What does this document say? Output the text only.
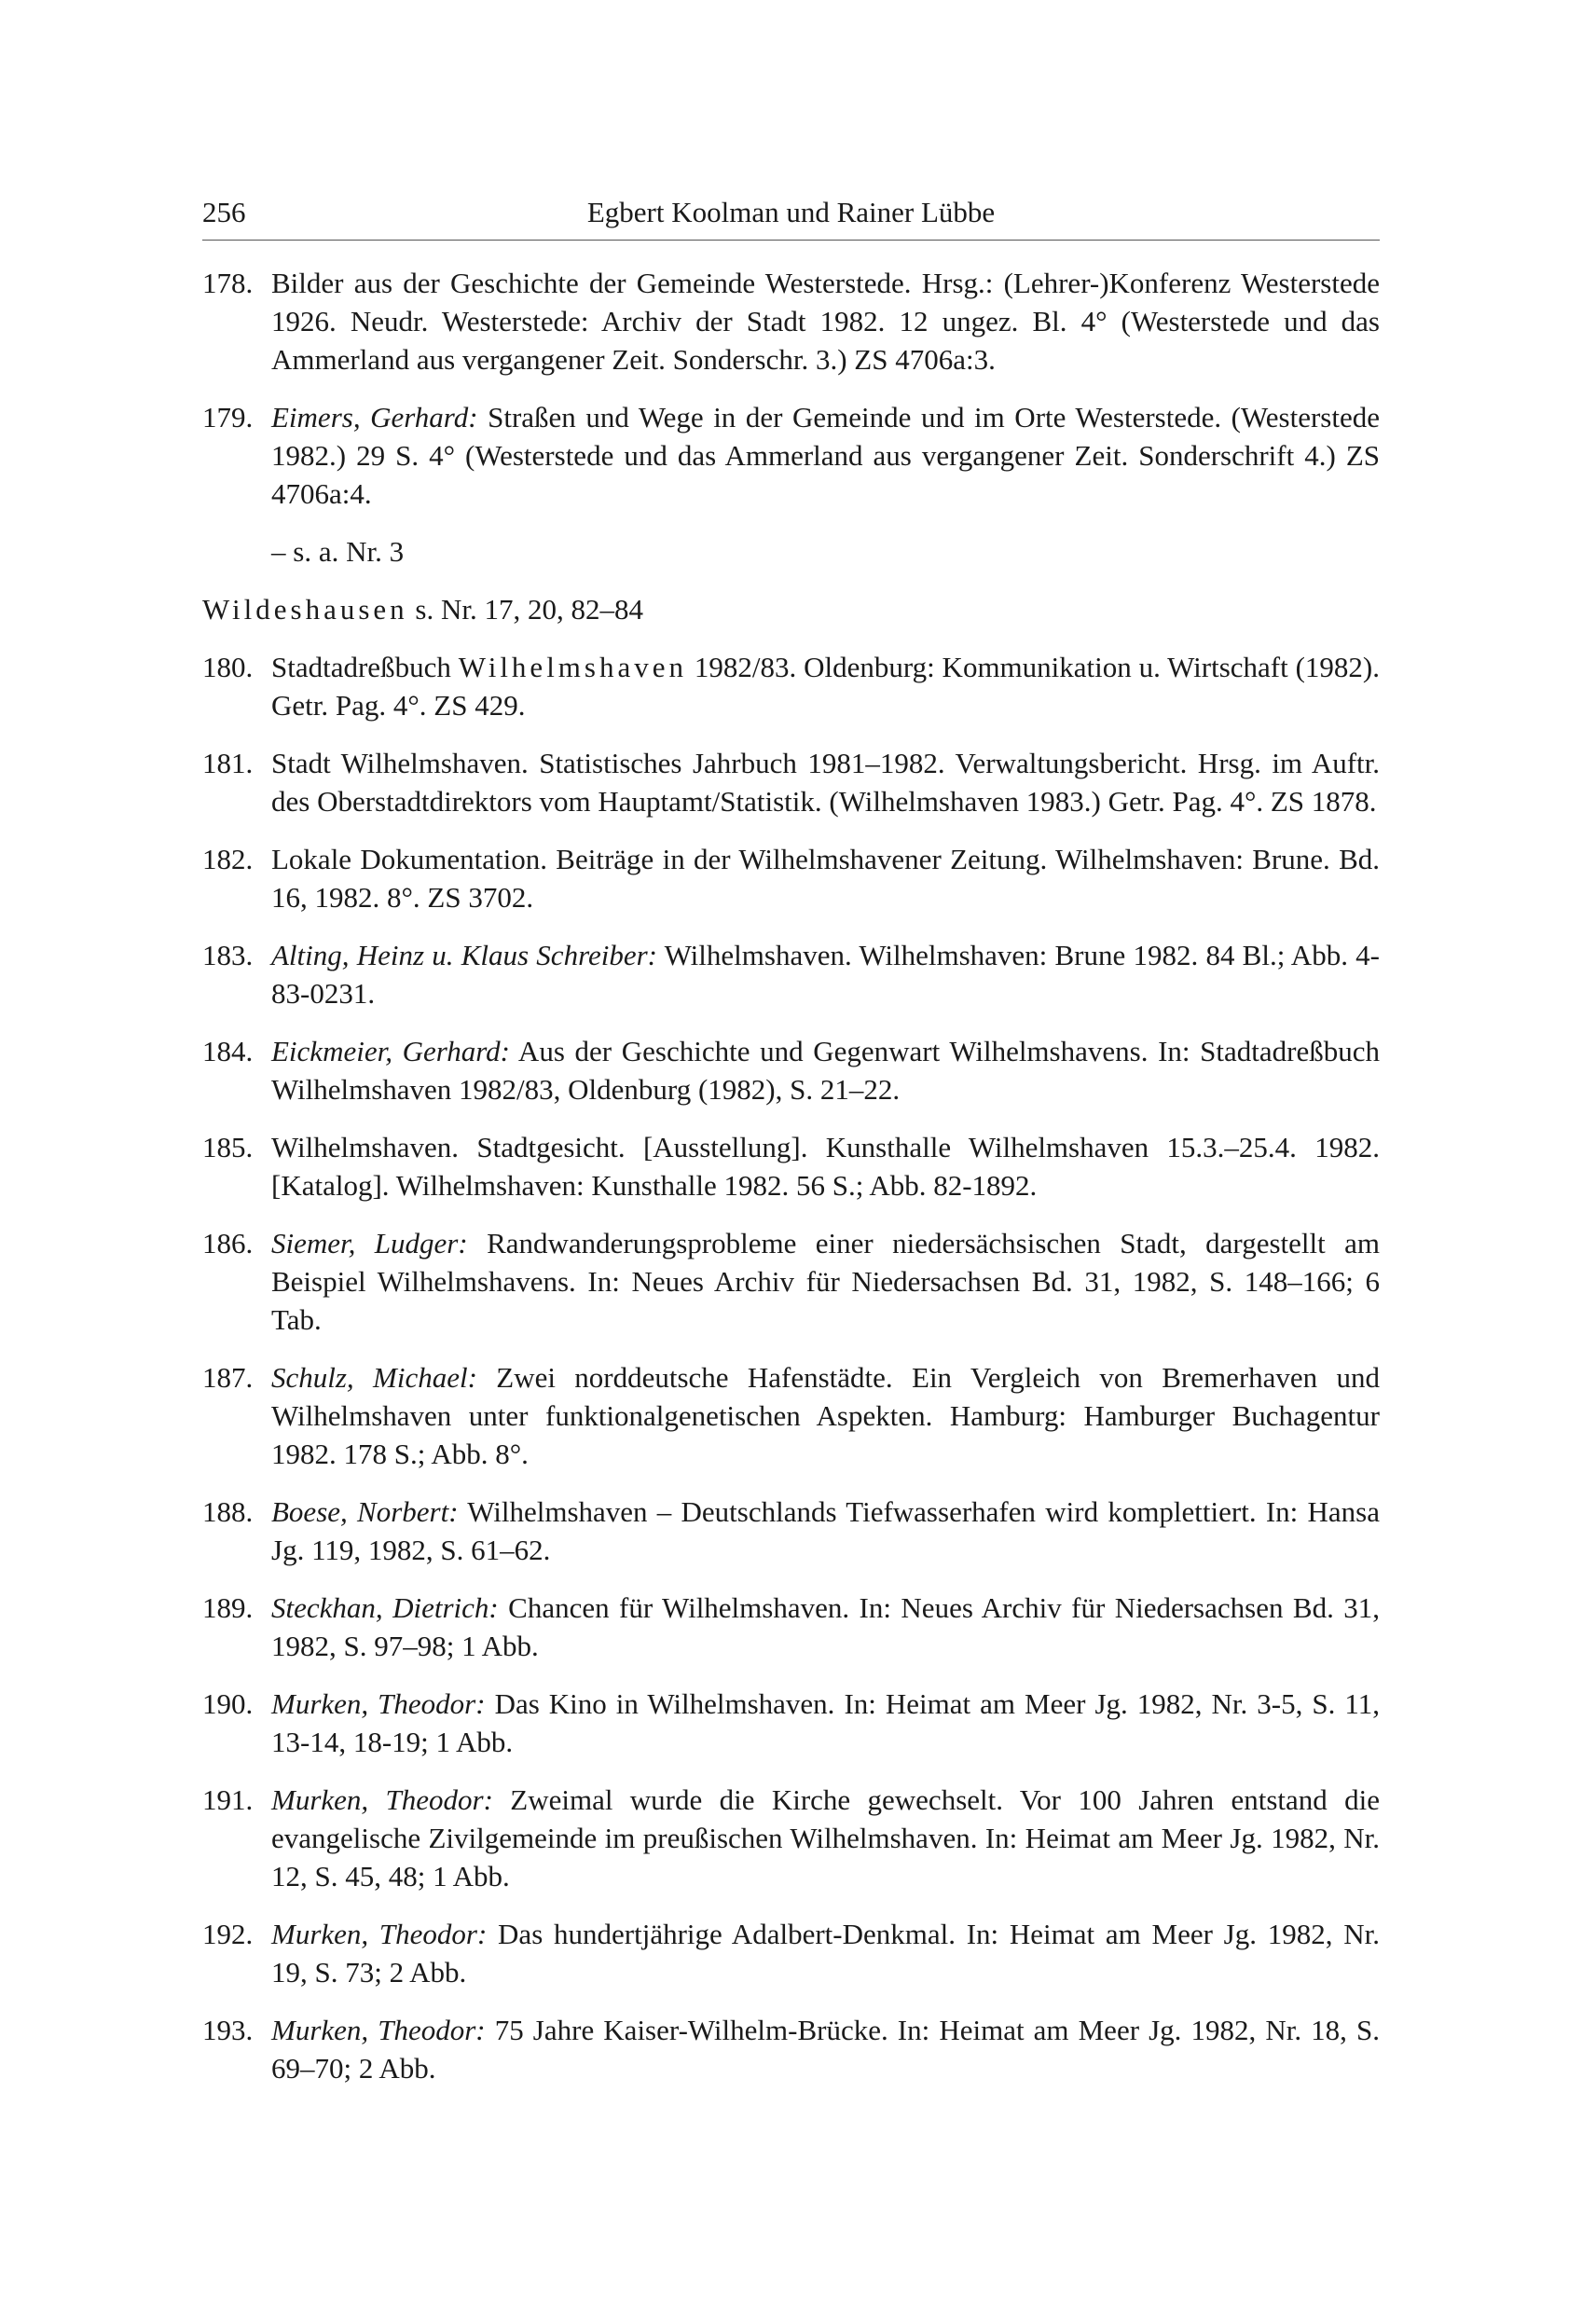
256	Egbert Koolman und Rainer Lübbe
178. Bilder aus der Geschichte der Gemeinde Westerstede. Hrsg.: (Lehrer-)Konferenz Westerstede 1926. Neudr. Westerstede: Archiv der Stadt 1982. 12 ungez. Bl. 4° (Westerstede und das Ammerland aus vergangener Zeit. Sonderschr. 3.) ZS 4706a:3.
179. Eimers, Gerhard: Straßen und Wege in der Gemeinde und im Orte Westerstede. (Westerstede 1982.) 29 S. 4° (Westerstede und das Ammerland aus vergangener Zeit. Sonderschrift 4.) ZS 4706a:4.
– s. a. Nr. 3
Wildeshausen s. Nr. 17, 20, 82–84
180. Stadtadreßbuch Wilhelmshaven 1982/83. Oldenburg: Kommunikation u. Wirtschaft (1982). Getr. Pag. 4°. ZS 429.
181. Stadt Wilhelmshaven. Statistisches Jahrbuch 1981–1982. Verwaltungsbericht. Hrsg. im Auftr. des Oberstadtdirektors vom Hauptamt/Statistik. (Wilhelmshaven 1983.) Getr. Pag. 4°. ZS 1878.
182. Lokale Dokumentation. Beiträge in der Wilhelmshavener Zeitung. Wilhelmshaven: Brune. Bd. 16, 1982. 8°. ZS 3702.
183. Alting, Heinz u. Klaus Schreiber: Wilhelmshaven. Wilhelmshaven: Brune 1982. 84 Bl.; Abb. 4-83-0231.
184. Eickmeier, Gerhard: Aus der Geschichte und Gegenwart Wilhelmshavens. In: Stadtadreßbuch Wilhelmshaven 1982/83, Oldenburg (1982), S. 21–22.
185. Wilhelmshaven. Stadtgesicht. [Ausstellung]. Kunsthalle Wilhelmshaven 15.3.–25.4. 1982. [Katalog]. Wilhelmshaven: Kunsthalle 1982. 56 S.; Abb. 82-1892.
186. Siemer, Ludger: Randwanderungsprobleme einer niedersächsischen Stadt, dargestellt am Beispiel Wilhelmshavens. In: Neues Archiv für Niedersachsen Bd. 31, 1982, S. 148–166; 6 Tab.
187. Schulz, Michael: Zwei norddeutsche Hafenstädte. Ein Vergleich von Bremerhaven und Wilhelmshaven unter funktionalgenetischen Aspekten. Hamburg: Hamburger Buchagentur 1982. 178 S.; Abb. 8°.
188. Boese, Norbert: Wilhelmshaven – Deutschlands Tiefwasserhafen wird komplettiert. In: Hansa Jg. 119, 1982, S. 61–62.
189. Steckhan, Dietrich: Chancen für Wilhelmshaven. In: Neues Archiv für Niedersachsen Bd. 31, 1982, S. 97–98; 1 Abb.
190. Murken, Theodor: Das Kino in Wilhelmshaven. In: Heimat am Meer Jg. 1982, Nr. 3-5, S. 11, 13-14, 18-19; 1 Abb.
191. Murken, Theodor: Zweimal wurde die Kirche gewechselt. Vor 100 Jahren entstand die evangelische Zivilgemeinde im preußischen Wilhelmshaven. In: Heimat am Meer Jg. 1982, Nr. 12, S. 45, 48; 1 Abb.
192. Murken, Theodor: Das hundertjährige Adalbert-Denkmal. In: Heimat am Meer Jg. 1982, Nr. 19, S. 73; 2 Abb.
193. Murken, Theodor: 75 Jahre Kaiser-Wilhelm-Brücke. In: Heimat am Meer Jg. 1982, Nr. 18, S. 69–70; 2 Abb.
